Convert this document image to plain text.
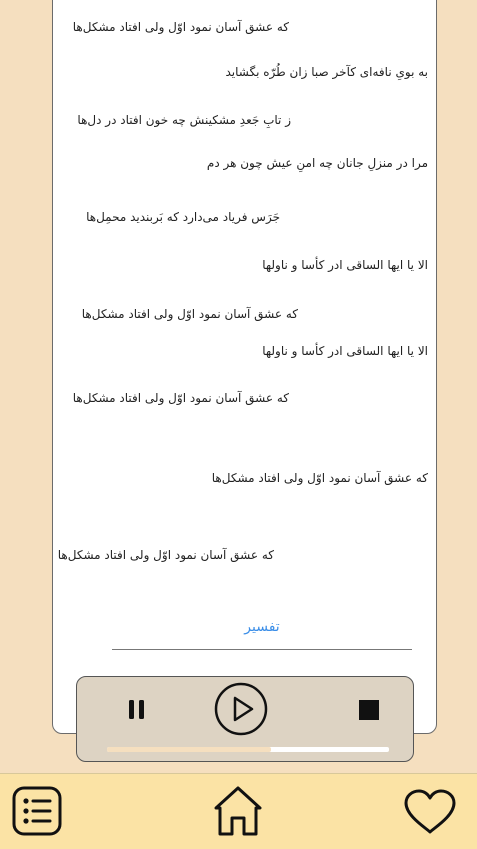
که عشق آسان نمود اوّل ولی افتاد مشکل‌ها
به بویِ نافه‌ای کآخر صبا زان طُرّه بگشاید
ز تابِ جَعدِ مشکینش چه خون افتاد در دل‌ها
مرا در منزلِ جانان چه امنِ عیش چون هر دم
جَرَس فریاد می‌دارد که بَربندید محمِل‌ها
الا یا ایها الساقی ادر کأسا و ناولها
که عشق آسان نمود اوّل ولی افتاد مشکل‌ها
الا یا ایها الساقی ادر کأسا و ناولها
که عشق آسان نمود اوّل ولی افتاد مشکل‌ها
که عشق آسان نمود اوّل ولی افتاد مشکل‌ها
که عشق آسان نمود اوّل ولی افتاد مشکل‌ها
تفسیر
